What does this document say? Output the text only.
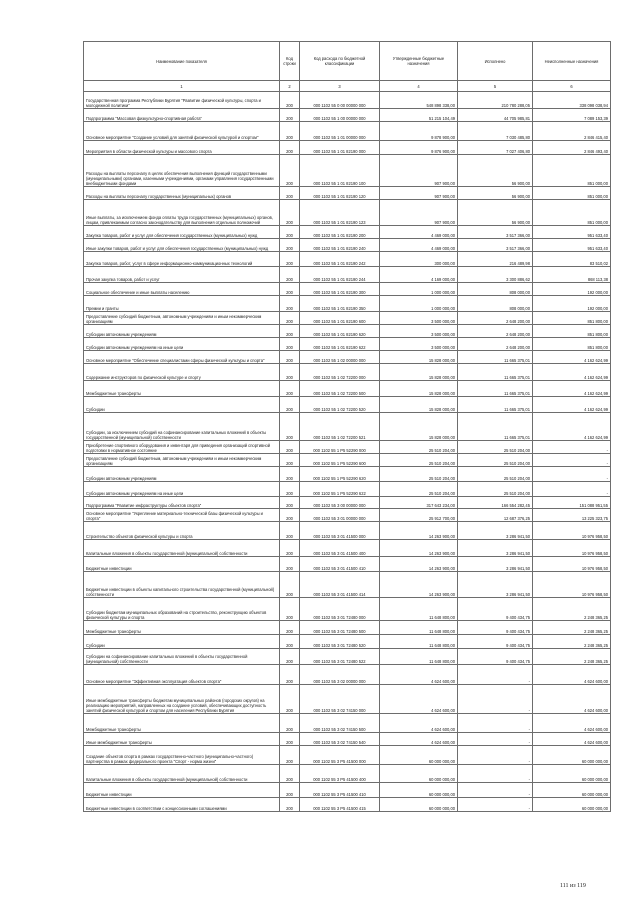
Наименование показателя	Код строки	Код расхода по бюджетной классификации	Утвержденные бюджетные назначения	Исполнено	Неисполненные назначения
1	2	3	4	5	6
Государственная программа Республики Бурятия "Развитие физической культуры, спорта и молодежной политики"	200	000 1102 55 0 00 00000 000	548 898 338,00	210 780 288,05	338 098 038,94
Подпрограмма "Массовая физкультурно-спортивная работа"	200	000 1102 55 1 00 00000 000	51 215 104,49	44 705 985,81	7 089 153,39
Основное мероприятие "Создание условий для занятий физической культурой и спортом"	200	000 1102 55 1 01 00000 000	9 878 900,00	7 030 485,80	2 846 415,40
Мероприятия в области физической культуры и массового спорта	200	000 1102 55 1 01 82190 000	9 876 900,00	7 027 406,80	2 846 493,40
Расходы на выплаты персоналу в целях обеспечения выполнения функций государственными (муниципальными) органами, казенными учреждениями, органами управления государственными внебюджетными фондами	200	000 1102 55 1 01 82190 100	907 900,00	56 900,00	851 000,00
Расходы на выплаты персоналу государственных (муниципальных) органов	200	000 1102 55 1 01 82190 120	907 900,00	56 900,00	851 000,00
Иные выплаты, за исключением фонда оплаты труда государственных (муниципальных) органов, лицам, привлекаемым согласно законодательству для выполнения отдельных полномочий	200	000 1102 55 1 01 82190 123	907 900,00	56 900,00	851 000,00
Закупка товаров, работ и услуг для обеспечения государственных (муниципальных) нужд	200	000 1102 55 1 01 82190 200	4 469 000,00	3 517 366,00	951 633,40
Иные закупки товаров, работ и услуг для обеспечения государственных (муниципальных) нужд	200	000 1102 55 1 01 82190 240	4 469 000,00	3 517 366,00	951 633,40
Закупка товаров, работ, услуг в сфере информационно-коммуникационных технологий	200	000 1102 55 1 01 82190 242	300 000,00	216 489,98	83 510,02
Прочая закупка товаров, работ и услуг	200	000 1102 55 1 01 82190 244	4 169 000,00	3 300 886,62	868 113,38
Социальное обеспечение и иные выплаты населению	200	000 1102 55 1 01 82190 300	1 000 000,00	808 000,00	192 000,00
Премии и гранты	200	000 1102 55 1 01 82190 350	1 000 000,00	808 000,00	192 000,00
Предоставление субсидий бюджетным, автономным учреждениям и иным некоммерческим организациям	200	000 1102 55 1 01 82190 600	3 500 000,00	2 648 200,00	851 800,00
Субсидии автономным учреждениям	200	000 1102 55 1 01 82190 620	3 500 000,00	2 648 200,00	851 800,00
Субсидии автономным учреждениям на иные цели	200	000 1102 55 1 01 82190 622	3 500 000,00	2 648 200,00	851 800,00
Основное мероприятие "Обеспечение специалистами сферы физической культуры и спорта"	200	000 1102 55 1 02 00000 000	15 828 000,00	11 665 375,01	4 162 624,99
Содержание инструкторов по физической культуре и спорту	200	000 1102 55 1 02 72200 000	15 828 000,00	11 665 375,01	4 162 624,99
Межбюджетные трансферты	200	000 1102 55 1 02 72200 500	15 828 000,00	11 665 375,01	4 162 624,99
Субсидии	200	000 1102 55 1 02 72200 520	15 828 000,00	11 665 375,01	4 162 624,99
Субсидии, за исключением субсидий на софинансирование капитальных вложений в объекты государственной (муниципальной) собственности	200	000 1102 55 1 02 72200 521	15 828 000,00	11 665 375,01	4 162 624,99
Приобретение спортивного оборудования и инвентаря для приведения организаций спортивной подготовки в нормативное состояние	200	000 1102 55 1 P5 52290 000	25 510 204,00	25 510 204,00	-
Предоставление субсидий бюджетным, автономным учреждениям и иным некоммерческим организациям	200	000 1102 55 1 P5 52290 600	25 510 204,00	25 510 204,00	-
Субсидии автономным учреждениям	200	000 1102 55 1 P5 52290 620	25 510 204,00	25 510 204,00	-
Субсидии автономным учреждениям на иные цели	200	000 1102 55 1 P5 52290 622	25 510 204,00	25 510 204,00	-
Подпрограмма "Развитие инфраструктуры объектов спорта"	200	000 1102 55 3 00 00000 000	317 643 234,00	166 554 282,45	151 088 951,55
Основное мероприятие "Укрепление материально-технической базы физической культуры и спорта"	200	000 1102 55 3 01 00000 000	25 912 700,00	12 687 376,25	13 225 323,75
Строительство объектов физической культуры и спорта	200	000 1102 55 3 01 41500 000	14 263 900,00	3 286 941,50	10 976 958,50
Капитальные вложения в объекты государственной (муниципальной) собственности	200	000 1102 55 3 01 41500 400	14 263 900,00	3 286 941,50	10 976 958,50
Бюджетные инвестиции	200	000 1102 55 3 01 41500 410	14 263 900,00	3 286 941,50	10 976 958,50
Бюджетные инвестиции в объекты капитального строительства государственной (муниципальной) собственности	200	000 1102 55 3 01 41500 414	14 263 900,00	3 286 941,50	10 976 958,50
Субсидии бюджетам муниципальных образований на строительство, реконструкцию объектов физической культуры и спорта	200	000 1102 55 3 01 72480 000	11 648 800,00	9 400 434,75	2 248 365,25
Межбюджетные трансферты	200	000 1102 55 3 01 72480 500	11 648 800,00	9 400 434,75	2 248 365,25
Субсидии	200	000 1102 55 3 01 72480 520	11 648 800,00	9 400 434,75	2 248 365,25
Субсидии на софинансирование капитальных вложений в объекты государственной (муниципальной) собственности	200	000 1102 55 3 01 72480 522	11 648 800,00	9 400 434,75	2 248 365,25
Основное мероприятие "Эффективная эксплуатация объектов спорта"	200	000 1102 55 3 02 00000 000	4 624 600,00	-	4 624 600,00
Иные межбюджетные трансферты бюджетам муниципальных районов (городских округов) на реализацию мероприятий, направленных на создание условий, обеспечивающих доступность занятий физической культурой и спортом для населения Республики Бурятия	200	000 1102 55 3 02 74150 000	4 624 600,00	-	4 624 600,00
Межбюджетные трансферты	200	000 1102 55 3 02 74150 500	4 624 600,00	-	4 624 600,00
Иные межбюджетные трансферты	200	000 1102 55 3 02 74150 540	4 624 600,00	-	4 624 600,00
Создание объектов спорта в рамках государственно-частного (муниципально-частного) партнерства в рамках федерального проекта "Спорт - норма жизни"	200	000 1102 55 3 P5 41500 000	60 000 000,00	-	60 000 000,00
Капитальные вложения в объекты государственной (муниципальной) собственности	200	000 1102 55 3 P5 41500 400	60 000 000,00	-	60 000 000,00
Бюджетные инвестиции	200	000 1102 55 3 P5 41500 410	60 000 000,00	-	60 000 000,00
Бюджетные инвестиции в соответствии с концессионными соглашениями	200	000 1102 55 3 P5 41500 415	60 000 000,00	-	60 000 000,00
111 из 119
